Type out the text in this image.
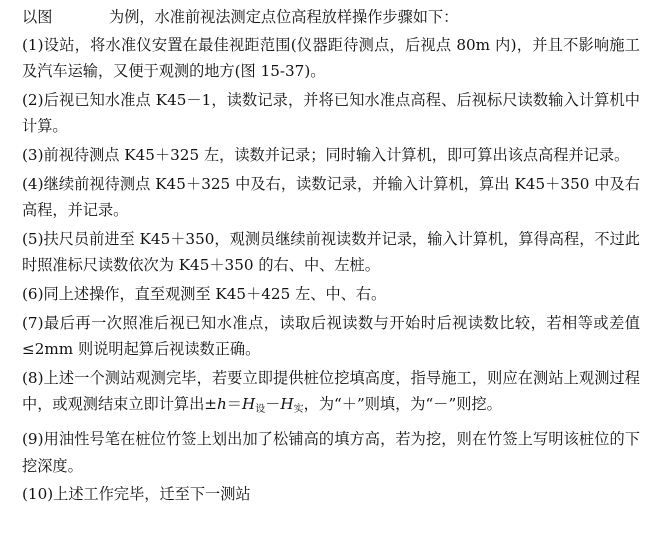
以图	为例，水准前视法测定点位高程放样操作步骤如下：

(1)设站，将水准仪安置在最佳视距范围(仪器距待测点，后视点 80m 内)，并且不影响施工及汽车运输，又便于观测的地方(图 15-37)。

(2)后视已知水准点 K45－1，读数记录，并将已知水准点高程、后视标尺读数输入计算机中计算。

(3)前视待测点 K45＋325 左，读数并记录；同时输入计算机，即可算出该点高程并记录。

(4)继续前视待测点 K45＋325 中及右，读数记录，并输入计算机，算出 K45＋350 中及右高程，并记录。

(5)扶尺员前进至 K45＋350，观测员继续前视读数并记录，输入计算机，算得高程，不过此时照准标尺读数依次为 K45＋350 的右、中、左桩。

(6)同上述操作，直至观测至 K45＋425 左、中、右。

(7)最后再一次照准后视已知水准点，读取后视读数与开始时后视读数比较，若相等或差值≤2mm 则说明起算后视读数正确。

(8)上述一个测站观测完毕，若要立即提供桩位挖填高度，指导施工，则应在测站上观测过程中，或观测结束立即计算出$\pm h=H_设-H_实$，为“＋”则填，为“－”则挖。

(9)用油性号笔在桩位竹签上划出加了松铺高的填方高，若为挖，则在竹签上写明该桩位的下挖深度。

(10)上述工作完毕，迁至下一测站
